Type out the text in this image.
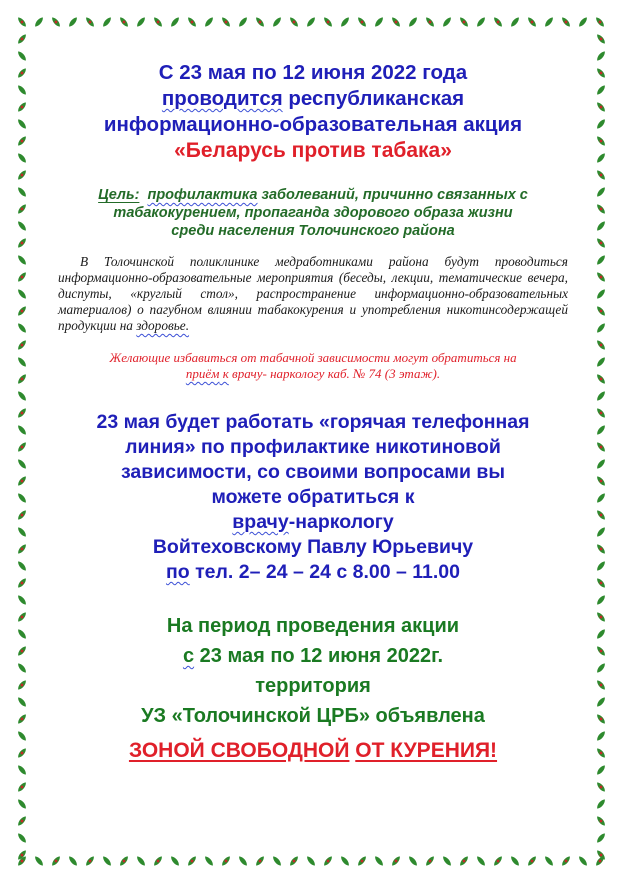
С 23 мая по 12 июня 2022 года

проводится республиканская

информационно-образовательная акция

«Беларусь против табака»

Цель: профилактика заболеваний, причинно связанных с
табакокурением, пропаганда здорового образа жизни
среди населения Толочинского района
В Толочинской поликлинике медработниками района будут проводиться информационно-образовательные мероприятия (беседы, лекции, тематические вечера, диспуты, «круглый стол», распространение информационно-образовательных материалов) о пагубном влиянии табакокурения и употребления никотинсодержащей продукции на здоровье.
Желающие избавиться от табачной зависимости могут обратиться на
приём к врачу- наркологу каб. № 74 (3 этаж).
23 мая будет работать «горячая телефонная
линия» по профилактике никотиновой
зависимости, со своими вопросами вы
можете обратиться к
врачу-наркологу
Войтеховскому Павлу Юрьевичу
по тел. 2– 24 – 24 с 8.00 – 11.00
На период проведения акции
с 23 мая по 12 июня 2022г.
территория
УЗ «Толочинской ЦРБ» объявлена
ЗОНОЙ СВОБОДНОЙ ОТ КУРЕНИЯ!
